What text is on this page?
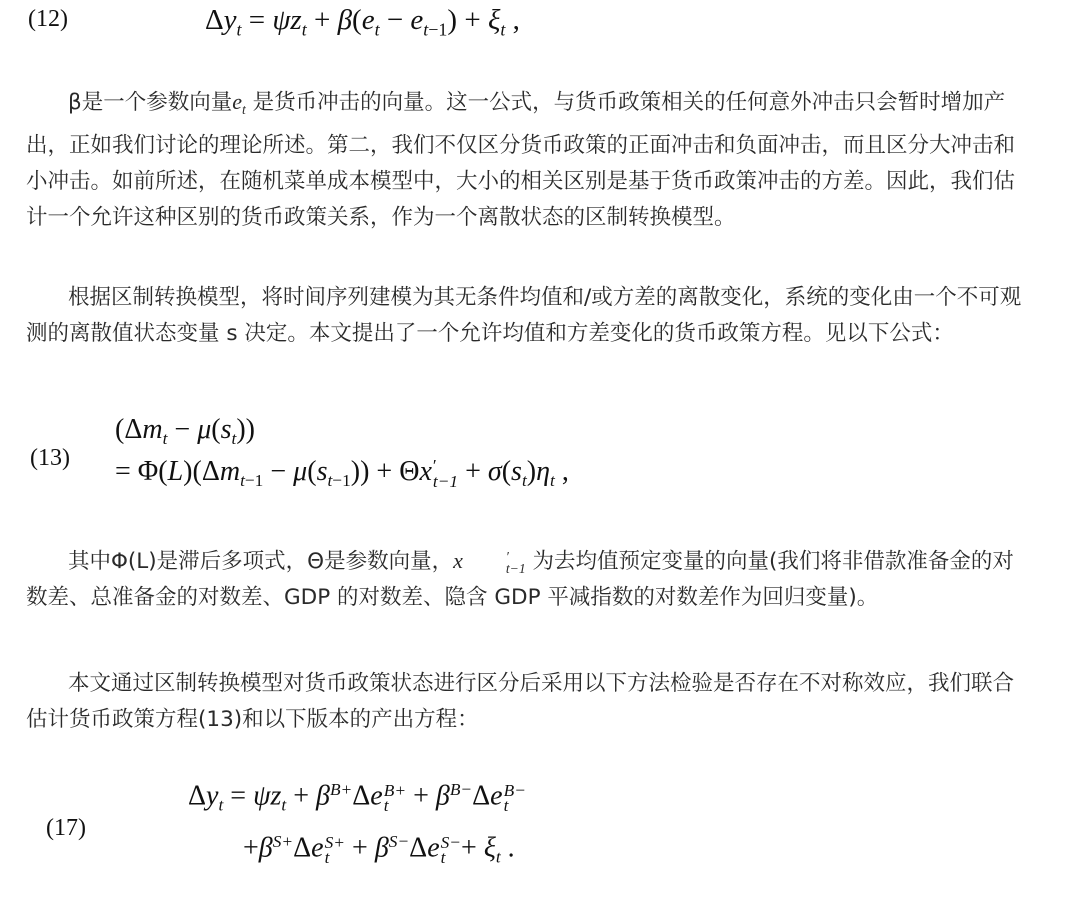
(12)	$\Delta y_t = \psi z_t + \beta(e_t - e_{t-1}) + \xi_t$ ,

β是一个参数向量$e_t$ 是货币冲击的向量。这一公式，与货币政策相关的任何意外冲击只会暂时增加产出，正如我们讨论的理论所述。第二，我们不仅区分货币政策的正面冲击和负面冲击，而且区分大冲击和小冲击。如前所述，在随机菜单成本模型中，大小的相关区别是基于货币政策冲击的方差。因此，我们估计一个允许这种区别的货币政策关系，作为一个离散状态的区制转换模型。

根据区制转换模型，将时间序列建模为其无条件均值和/或方差的离散变化，系统的变化由一个不可观测的离散值状态变量 s 决定。本文提出了一个允许均值和方差变化的货币政策方程。见以下公式：

(13)
$(\Delta m_t - \mu(s_t))$
= $\Phi(L)(\Delta m_{t-1} - \mu(s_{t-1})) + \Theta x$ ′
$t-1 + \sigma(s_t)\eta_t$ ,

其中Φ(L)是滞后多项式，Θ是参数向量，x	′
t−1 为去均值预定变量的向量(我们将非借款准备金的对数差、总准备金的对数差、GDP 的对数差、隐含 GDP 平减指数的对数差作为回归变量)。

本文通过区制转换模型对货币政策状态进行区分后采用以下方法检验是否存在不对称效应，我们联合估计货币政策方程(13)和以下版本的产出方程：

(17)
$\Delta y_t = \psi z_t + \beta^{B+}\Delta e$ B+
$t + \beta^{B-}\Delta e$ B−
t
$+\beta^{S+}\Delta e$ S+
$t + \beta^{S-}\Delta e$ S−
$t + \xi_t$ .
